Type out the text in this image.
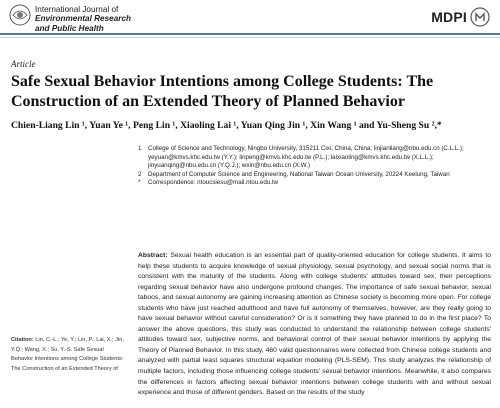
International Journal of
Environmental Research
and Public Health
MDPI
Article
Safe Sexual Behavior Intentions among College Students: The Construction of an Extended Theory of Planned Behavior
Chien-Liang Lin ¹, Yuan Ye ¹, Peng Lin ¹, Xiaoling Lai ¹, Yuan Qing Jin ¹, Xin Wang ¹ and Yu-Sheng Su ²,*
1	College of Science and Technology, Ningbo University, 315211 Cixi, China, China; linjianliang@nbu.edu.cn (C.L.L.); yeyuan@kmvs.khc.edu.tw (Y.Y.); linpeng@kmvs.khc.edu.tw (P.L.); laixiaoling@kmvs.khc.edu.tw (X.L.L.); jinyuanqing@nbu.edu.cn (Y.Q.J.); wxin@nbu.edu.cn (X.W.)
2	Department of Computer Science and Engineering, National Taiwan Ocean University, 20224 Keelung, Taiwan
*	Correspondence: ntoucsiesu@mail.ntou.edu.tw
Abstract: Sexual health education is an essential part of quality-oriented education for college students. It aims to help these students to acquire knowledge of sexual physiology, sexual psychology, and sexual social norms that is consistent with the maturity of the students. Along with college students' attitudes toward sex, their perceptions regarding sexual behavior have also undergone profound changes. The importance of safe sexual behavior, sexual taboos, and sexual autonomy are gaining increasing attention as Chinese society is becoming more open. For college students who have just reached adulthood and have full autonomy of themselves, however, are they really going to have sexual behavior without careful consideration? Or is it something they have planned to do in the first place? To answer the above questions, this study was conducted to understand the relationship between college students' attitudes toward sex, subjective norms, and behavioral control of their sexual behavior intentions by applying the Theory of Planned Behavior. In this study, 460 valid questionnaires were collected from Chinese college students and analyzed with partial least squares structural equation modeling (PLS-SEM). This study analyzes the relationship of multiple factors, including those influencing college students' sexual behavior intentions. Meanwhile, it also compares the differences in factors affecting sexual behavior intentions between college students with and without sexual experience and those of different genders. Based on the results of the study
Citation: Lin, C.-L.; Ye, Y.; Lin, P.; Lai, X.; Jin, Y.Q.; Wang, X.; Su, Y.-S. Safe Sexual Behavior Intentions among College Students: The Construction of an Extended Theory of
